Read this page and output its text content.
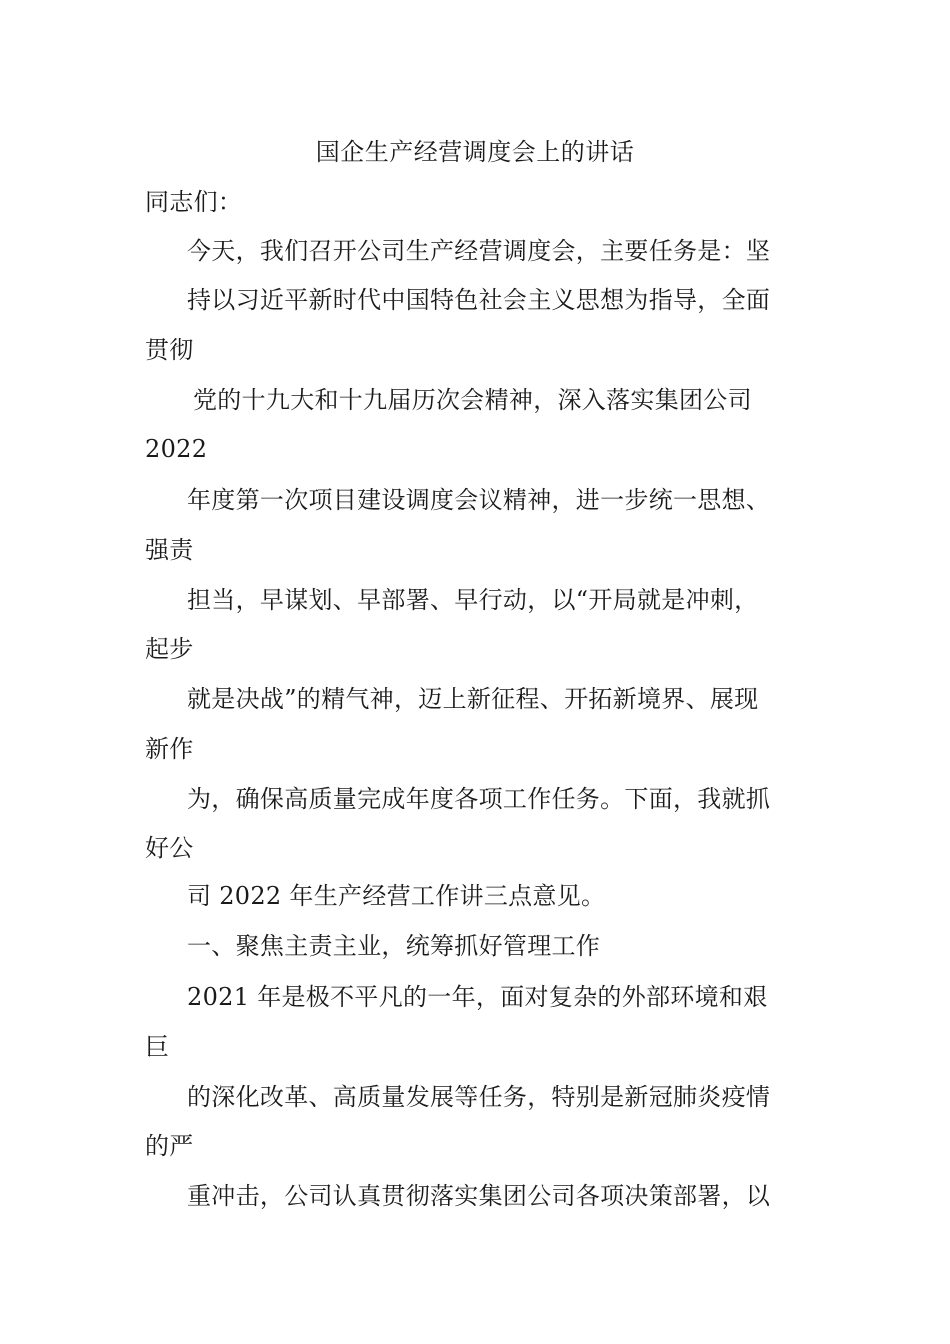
国企生产经营调度会上的讲话
同志们：
今天，我们召开公司生产经营调度会，主要任务是：坚
持以习近平新时代中国特色社会主义思想为指导，全面
贯彻
党的十九大和十九届历次会精神，深入落实集团公司
2022
年度第一次项目建设调度会议精神，进一步统一思想、
强责
担当，早谋划、早部署、早行动，以“开局就是冲刺，
起步
就是决战”的精气神，迈上新征程、开拓新境界、展现
新作
为，确保高质量完成年度各项工作任务。下面，我就抓
好公
司 2022 年生产经营工作讲三点意见。
一、聚焦主责主业，统筹抓好管理工作
2021 年是极不平凡的一年，面对复杂的外部环境和艰
巨
的深化改革、高质量发展等任务，特别是新冠肺炎疫情
的严
重冲击，公司认真贯彻落实集团公司各项决策部署，以
